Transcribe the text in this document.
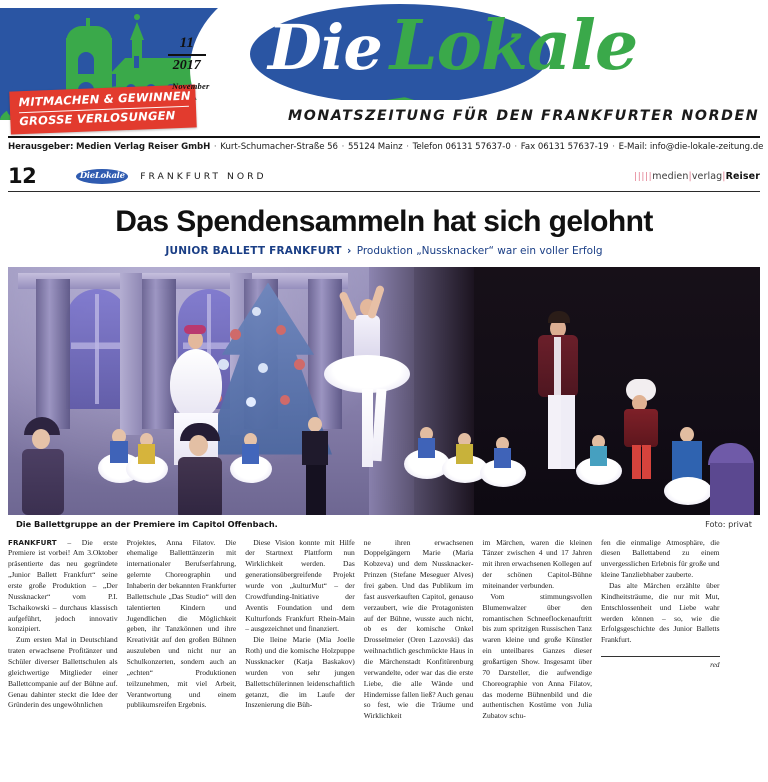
MITMACHEN & GEWINNEN
GROSSE VERLOSUNGEN
11
2017
November
Die Lokale
MONATSZEITUNG FÜR DEN FRANKFURTER NORDEN
Herausgeber: Medien Verlag Reiser GmbH · Kurt-Schumacher-Straße 56 · 55124 Mainz · Telefon 06131 57637-0 · Fax 06131 57637-19 · E-Mail: info@die-lokale-zeitung.de
12	DieLokale FRANKFURT NORD	|||||medien|verlag|Reiser
Das Spendensammeln hat sich gelohnt
JUNIOR BALLETT FRANKFURT › Produktion „Nussknacker“ war ein voller Erfolg
Die Ballettgruppe an der Premiere im Capitol Offenbach.	Foto: privat

FRANKFURT – Die erste Premiere ist vorbei! Am 3.Oktober präsentierte das neu gegründete „Junior Ballett Frankfurt“ seine erste große Produktion – „Der Nussknacker“ vom P.I. Tschaikowski – durchaus klassisch aufgeführt, jedoch innovativ konzipiert.

Zum ersten Mal in Deutschland traten erwachsene Profitänzer und Schüler diverser Ballettschulen als gleichwertige Mitglieder einer Ballettcompanie auf der Bühne auf. Genau dahinter steckt die Idee der Gründerin des ungewöhnlichen

Projektes, Anna Filatov. Die ehemalige Balletttänzerin mit internationaler Berufserfahrung, gelernte Choreographin und Inhaberin der bekannten Frankfurter Ballettschule „Das Studio“ will den talentierten Kindern und Jugendlichen die Möglichkeit geben, ihr Tanzkönnen und ihre Kreativität auf den großen Bühnen auszuleben und nicht nur an Schulkonzerten, sondern auch an „echten“ Produktionen teilzunehmen, mit viel Arbeit, Verantwortung und einem publikumsreifen Ergebnis.

Diese Vision konnte mit Hilfe der Startnext Plattform nun Wirklichkeit werden. Das generationsübergreifende Projekt wurde von „kulturMut“ – der Crowdfunding-Initiative der Aventis Foundation und dem Kulturfonds Frankfurt Rhein-Main – ausgezeichnet und finanziert.

Die lleine Marie (Mia Joelle Roth) und die komische Holzpuppe Nussknacker (Katja Baskakov) wurden von sehr jungen Ballettschülerinnen leidenschaftlich getanzt, die im Laufe der Inszenierung die Büh-

ne ihren erwachsenen Doppelgängern Marie (Maria Kobzeva) und dem Nussknacker-Prinzen (Stefane Meseguer Alves) frei gaben. Und das Publikum im fast ausverkauften Capitol, genauso verzaubert, wie die Protagonisten auf der Bühne, wusste auch nicht, ob es der komische Onkel Drosselmeier (Oren Lazovski) das weihnachtlich geschmückte Haus in die Märchenstadt Konfitürenburg verwandelte, oder war das die erste Liebe, die alle Wände und Hindernisse fallen ließ? Auch genau so fest, wie die Träume und Wirklichkeit

im Märchen, waren die kleinen Tänzer zwischen 4 und 17 Jahren mit ihren erwachsenen Kollegen auf der schönen Capitol-Bühne miteinander verbunden.

Vom stimmungsvollen Blumenwalzer über den romantischen Schneeflockenauftritt bis zum spritzigen Russischen Tanz waren kleine und große Künstler ein unteilbares Ganzes dieser großartigen Show. Insgesamt über 70 Darsteller, die aufwendige Choreographie von Anna Filatov, das moderne Bühnenbild und die authentischen Kostüme von Julia Zubatov schu-

fen die einmalige Atmosphäre, die diesen Ballettabend zu einem unvergesslichen Erlebnis für große und kleine Tanzliebhaber zauberte.

Das alte Märchen erzählte über Kindheitsträume, die nur mit Mut, Entschlossenheit und Liebe wahr werden können – so, wie die Erfolgsgeschichte des Junior Balletts Frankfurt.

red
